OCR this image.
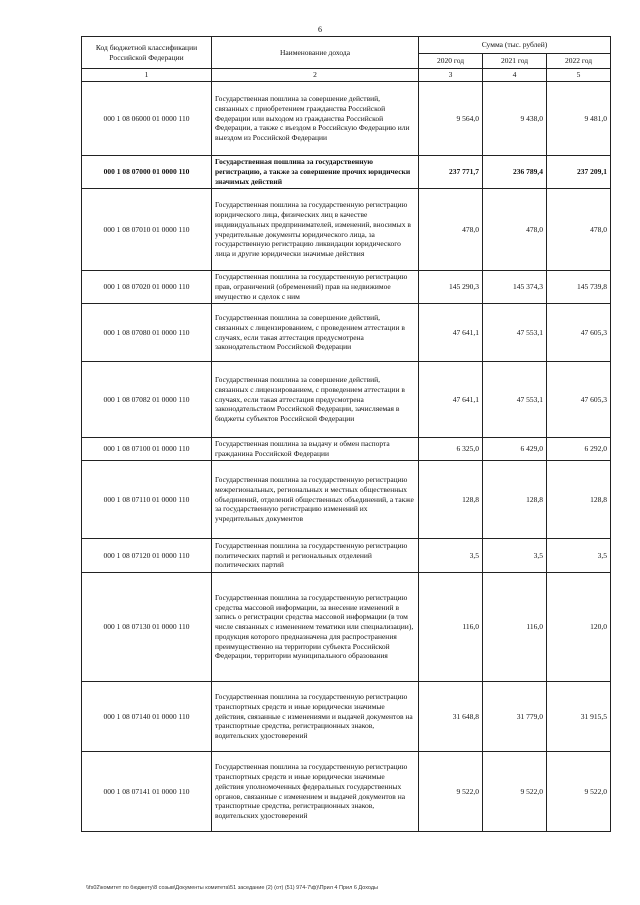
6
Код бюджетной классификации Российской Федерации	Наименование дохода	Сумма (тыс. рублей)		
		2020 год	2021 год	2022 год
1	2	3	4	5
000 1 08 06000 01 0000 110	Государственная пошлина за совершение действий, связанных с приобретением гражданства Российской Федерации или выходом из гражданства Российской Федерации, а также с въездом в Российскую Федерацию или выездом из Российской Федерации	9 564,0	9 438,0	9 481,0
000 1 08 07000 01 0000 110	Государственная пошлина за государственную регистрацию, а также за совершение прочих юридически значимых действий	237 771,7	236 789,4	237 209,1
000 1 08 07010 01 0000 110	Государственная пошлина за государственную регистрацию юридического лица, физических лиц в качестве индивидуальных предпринимателей, изменений, вносимых в учредительные документы юридического лица, за государственную регистрацию ликвидации юридического лица и другие юридически значимые действия	478,0	478,0	478,0
000 1 08 07020 01 0000 110	Государственная пошлина за государственную регистрацию прав, ограничений (обременений) прав на недвижимое имущество и сделок с ним	145 290,3	145 374,3	145 739,8
000 1 08 07080 01 0000 110	Государственная пошлина за совершение действий, связанных с лицензированием, с проведением аттестации в случаях, если такая аттестация предусмотрена законодательством Российской Федерации	47 641,1	47 553,1	47 605,3
000 1 08 07082 01 0000 110	Государственная пошлина за совершение действий, связанных с лицензированием, с проведением аттестации в случаях, если такая аттестация предусмотрена законодательством Российской Федерации, зачисляемая в бюджеты субъектов Российской Федерации	47 641,1	47 553,1	47 605,3
000 1 08 07100 01 0000 110	Государственная пошлина за выдачу и обмен паспорта гражданина Российской Федерации	6 325,0	6 429,0	6 292,0
000 1 08 07110 01 0000 110	Государственная пошлина за государственную регистрацию межрегиональных, региональных и местных общественных объединений, отделений общественных объединений, а также за государственную регистрацию изменений их учредительных документов	128,8	128,8	128,8
000 1 08 07120 01 0000 110	Государственная пошлина за государственную регистрацию политических партий и региональных отделений политических партий	3,5	3,5	3,5
000 1 08 07130 01 0000 110	Государственная пошлина за государственную регистрацию средства массовой информации, за внесение изменений в запись о регистрации средства массовой информации (в том числе связанных с изменением тематики или специализации), продукция которого предназначена для распространения преимущественно на территории субъекта Российской Федерации, территории муниципального образования	116,0	116,0	120,0
000 1 08 07140 01 0000 110	Государственная пошлина за государственную регистрацию транспортных средств и иные юридически значимые действия, связанные с изменениями и выдачей документов на транспортные средства, регистрационных знаков, водительских удостоверений	31 648,8	31 779,0	31 915,5
000 1 08 07141 01 0000 110	Государственная пошлина за государственную регистрацию транспортных средств и иные юридически значимые действия уполномоченных федеральных государственных органов, связанные с изменением и выдачей документов на транспортные средства, регистрационных знаков, водительских удостоверений	9 522,0	9 522,0	9 522,0
\\fs02\комитет по бюджету\8 созыв\Документы комитета\51 заседание (2) (от) (51) 974-7\ф)\Прил 4 Прил 6 Доходы
